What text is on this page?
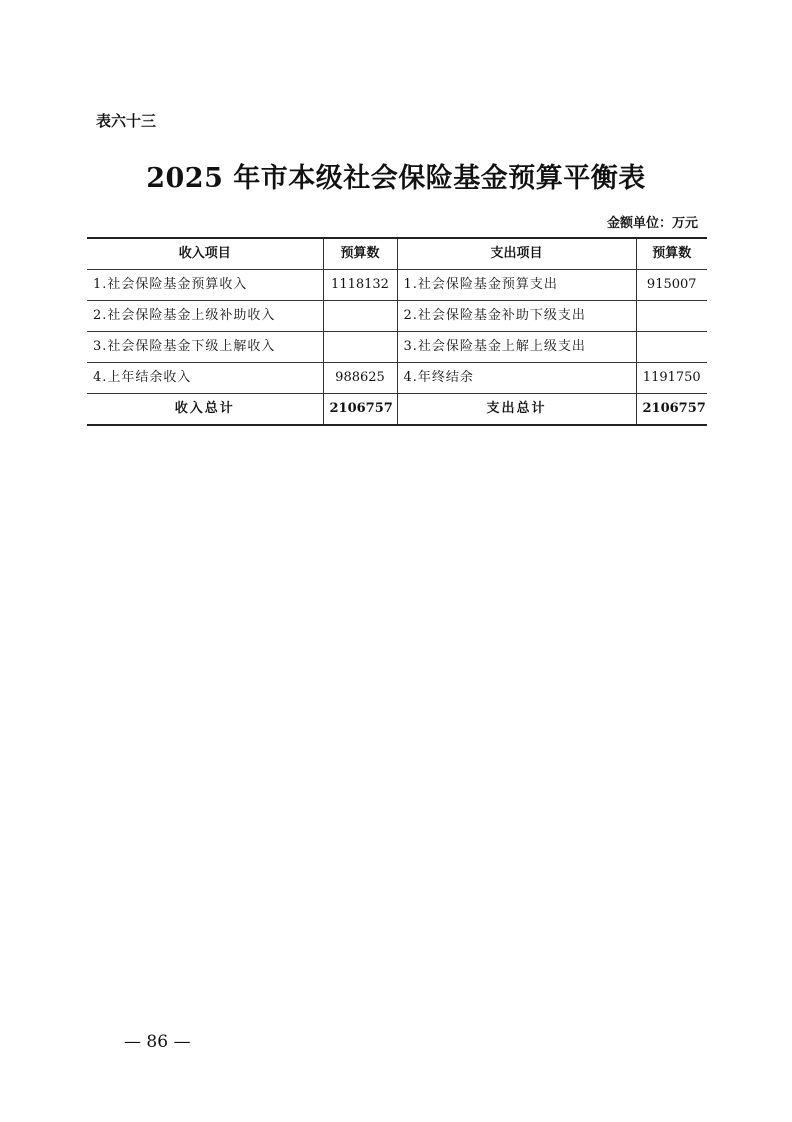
表六十三
2025 年市本级社会保险基金预算平衡表
金额单位：万元
收入项目	预算数	支出项目	预算数
1.社会保险基金预算收入	1118132	1.社会保险基金预算支出	915007
2.社会保险基金上级补助收入		2.社会保险基金补助下级支出	
3.社会保险基金下级上解收入		3.社会保险基金上解上级支出	
4.上年结余收入	988625	4.年终结余	1191750
收入总计	2106757	支出总计	2106757
— 86 —
